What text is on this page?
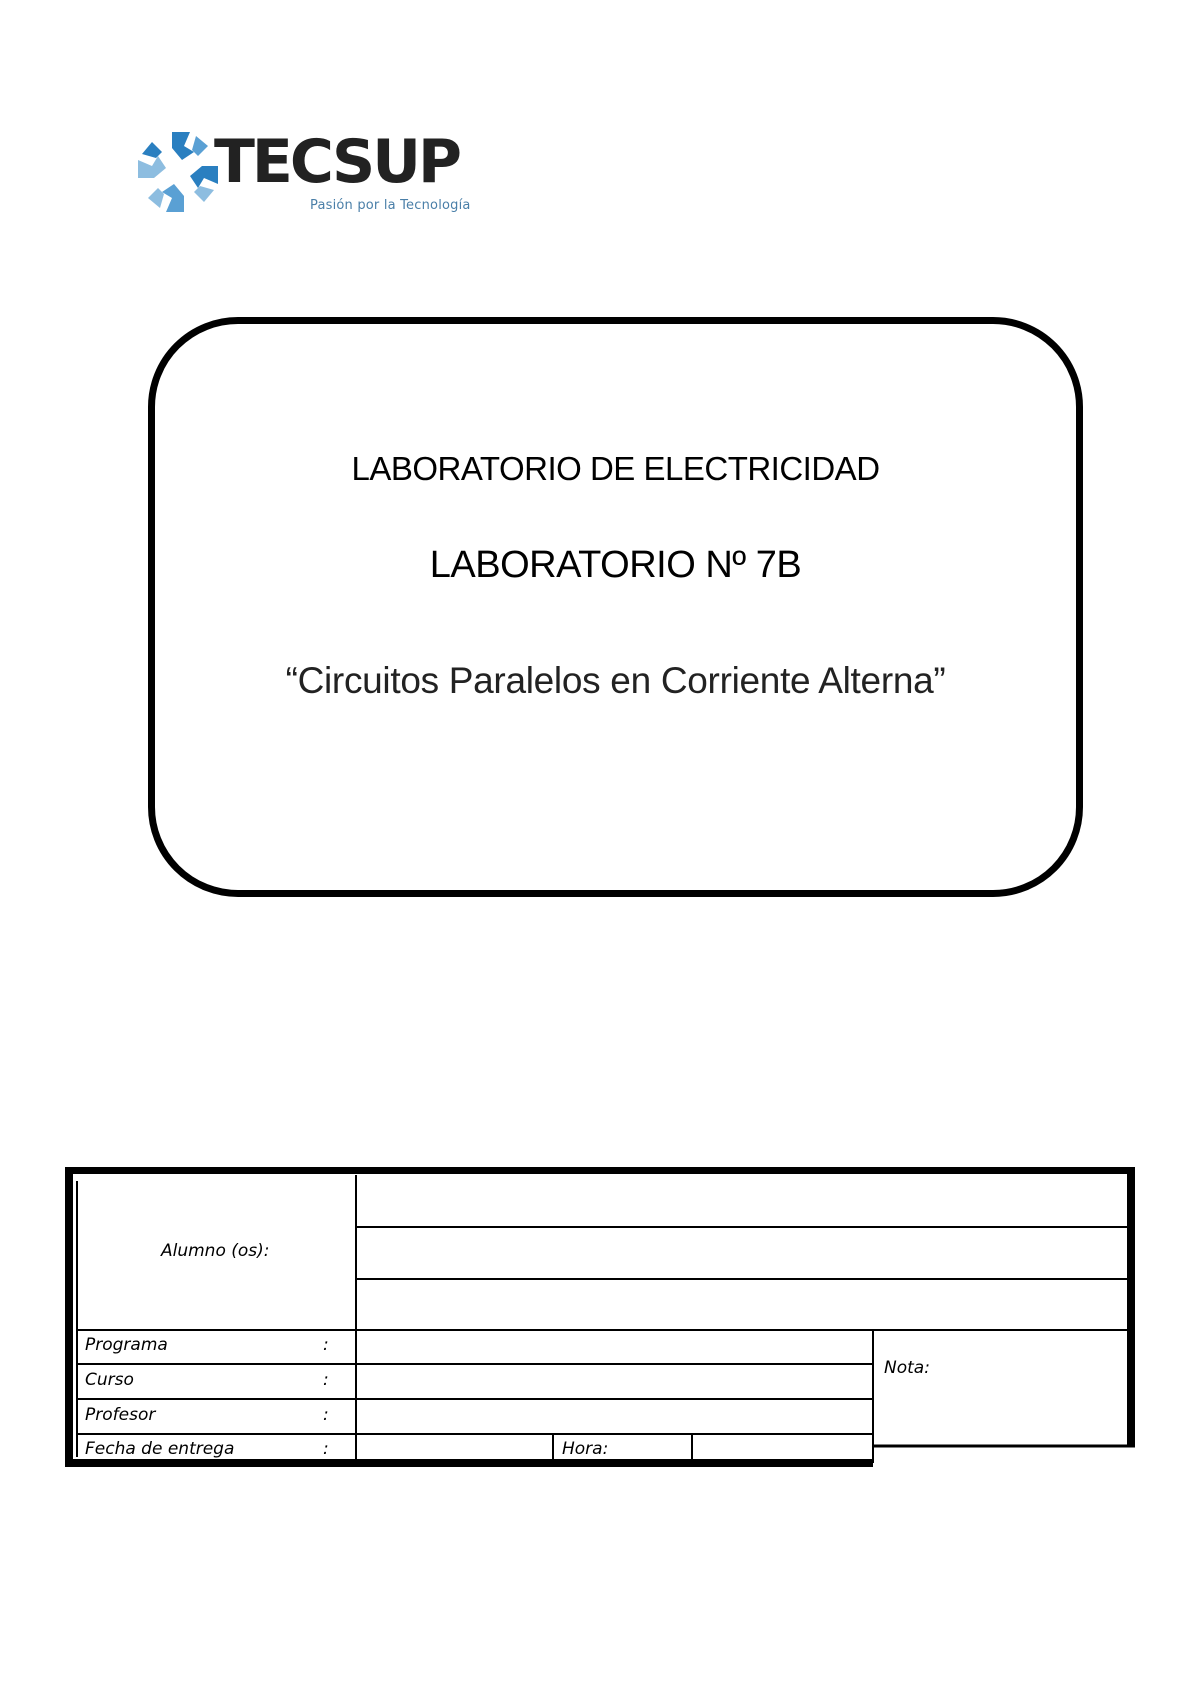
TECSUP
Pasión por la Tecnología
LABORATORIO DE ELECTRICIDAD
LABORATORIO Nº 7B
“Circuitos Paralelos en Corriente Alterna”
Alumno (os):
Programa	:
Curso	:
Profesor	:
Fecha de entrega	:	Hora:
Nota:
